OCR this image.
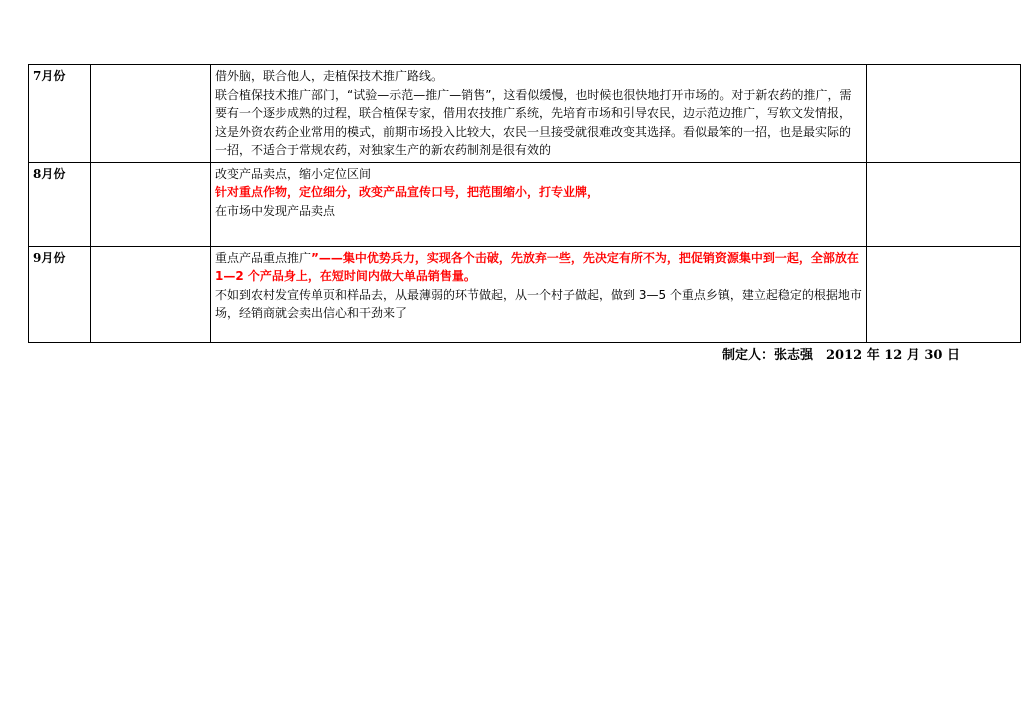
7月份		借外脑，联合他人，走植保技术推广路线。
联合植保技术推广部门，“试验—示范—推广—销售”，这看似缓慢，也时候也很快地打开市场的。对于新农药的推广，需要有一个逐步成熟的过程，联合植保专家，借用农技推广系统，先培育市场和引导农民，边示范边推广，写软文发情报，这是外资农药企业常用的模式，前期市场投入比较大，农民一旦接受就很难改变其选择。看似最笨的一招，也是最实际的一招，不适合于常规农药，对独家生产的新农药制剂是很有效的	

8月份		改变产品卖点，缩小定位区间
针对重点作物，定位细分，改变产品宣传口号，把范围缩小，打专业牌，
在市场中发现产品卖点	

9月份		重点产品重点推广”——集中优势兵力，实现各个击破，先放弃一些，先决定有所不为，把促销资源集中到一起，全部放在 1—2 个产品身上，在短时间内做大单品销售量。
不如到农村发宣传单页和样品去，从最薄弱的环节做起，从一个村子做起，做到 3—5 个重点乡镇，建立起稳定的根据地市场，经销商就会卖出信心和干劲来了	

制定人：张志强　2012 年 12 月 30 日
